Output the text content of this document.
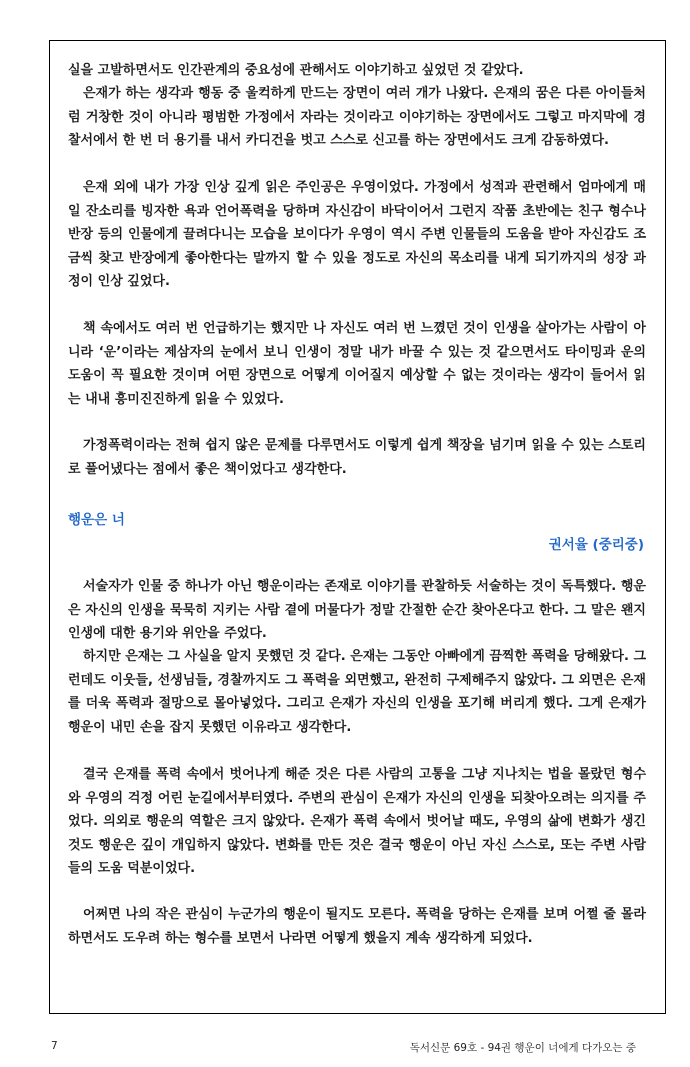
실을 고발하면서도 인간관계의 중요성에 관해서도 이야기하고 싶었던 것 같았다.

은재가 하는 생각과 행동 중 울컥하게 만드는 장면이 여러 개가 나왔다. 은재의 꿈은 다른 아이들처럼 거창한 것이 아니라 평범한 가정에서 자라는 것이라고 이야기하는 장면에서도 그렇고 마지막에 경찰서에서 한 번 더 용기를 내서 카디건을 벗고 스스로 신고를 하는 장면에서도 크게 감동하였다.

은재 외에 내가 가장 인상 깊게 읽은 주인공은 우영이었다. 가정에서 성적과 관련해서 엄마에게 매일 잔소리를 빙자한 욕과 언어폭력을 당하며 자신감이 바닥이어서 그런지 작품 초반에는 친구 형수나 반장 등의 인물에게 끌려다니는 모습을 보이다가 우영이 역시 주변 인물들의 도움을 받아 자신감도 조금씩 찾고 반장에게 좋아한다는 말까지 할 수 있을 정도로 자신의 목소리를 내게 되기까지의 성장 과정이 인상 깊었다.

책 속에서도 여러 번 언급하기는 했지만 나 자신도 여러 번 느꼈던 것이 인생을 살아가는 사람이 아니라 ‘운’이라는 제삼자의 눈에서 보니 인생이 정말 내가 바꿀 수 있는 것 같으면서도 타이밍과 운의 도움이 꼭 필요한 것이며 어떤 장면으로 어떻게 이어질지 예상할 수 없는 것이라는 생각이 들어서 읽는 내내 흥미진진하게 읽을 수 있었다.

가정폭력이라는 전혀 쉽지 않은 문제를 다루면서도 이렇게 쉽게 책장을 넘기며 읽을 수 있는 스토리로 풀어냈다는 점에서 좋은 책이었다고 생각한다.

행운은 너
권서율 (중리중)

서술자가 인물 중 하나가 아닌 행운이라는 존재로 이야기를 관찰하듯 서술하는 것이 독특했다. 행운은 자신의 인생을 묵묵히 지키는 사람 곁에 머물다가 정말 간절한 순간 찾아온다고 한다. 그 말은 왠지 인생에 대한 용기와 위안을 주었다.

하지만 은재는 그 사실을 알지 못했던 것 같다. 은재는 그동안 아빠에게 끔찍한 폭력을 당해왔다. 그런데도 이웃들, 선생님들, 경찰까지도 그 폭력을 외면했고, 완전히 구제해주지 않았다. 그 외면은 은재를 더욱 폭력과 절망으로 몰아넣었다. 그리고 은재가 자신의 인생을 포기해 버리게 했다. 그게 은재가 행운이 내민 손을 잡지 못했던 이유라고 생각한다.

결국 은재를 폭력 속에서 벗어나게 해준 것은 다른 사람의 고통을 그냥 지나치는 법을 몰랐던 형수와 우영의 걱정 어린 눈길에서부터였다. 주변의 관심이 은재가 자신의 인생을 되찾아오려는 의지를 주었다. 의외로 행운의 역할은 크지 않았다. 은재가 폭력 속에서 벗어날 때도, 우영의 삶에 변화가 생긴 것도 행운은 깊이 개입하지 않았다. 변화를 만든 것은 결국 행운이 아닌 자신 스스로, 또는 주변 사람들의 도움 덕분이었다.

어쩌면 나의 작은 관심이 누군가의 행운이 될지도 모른다. 폭력을 당하는 은재를 보며 어쩔 줄 몰라 하면서도 도우려 하는 형수를 보면서 나라면 어떻게 했을지 계속 생각하게 되었다.

7	독서신문 69호 - 94권 행운이 너에게 다가오는 중
